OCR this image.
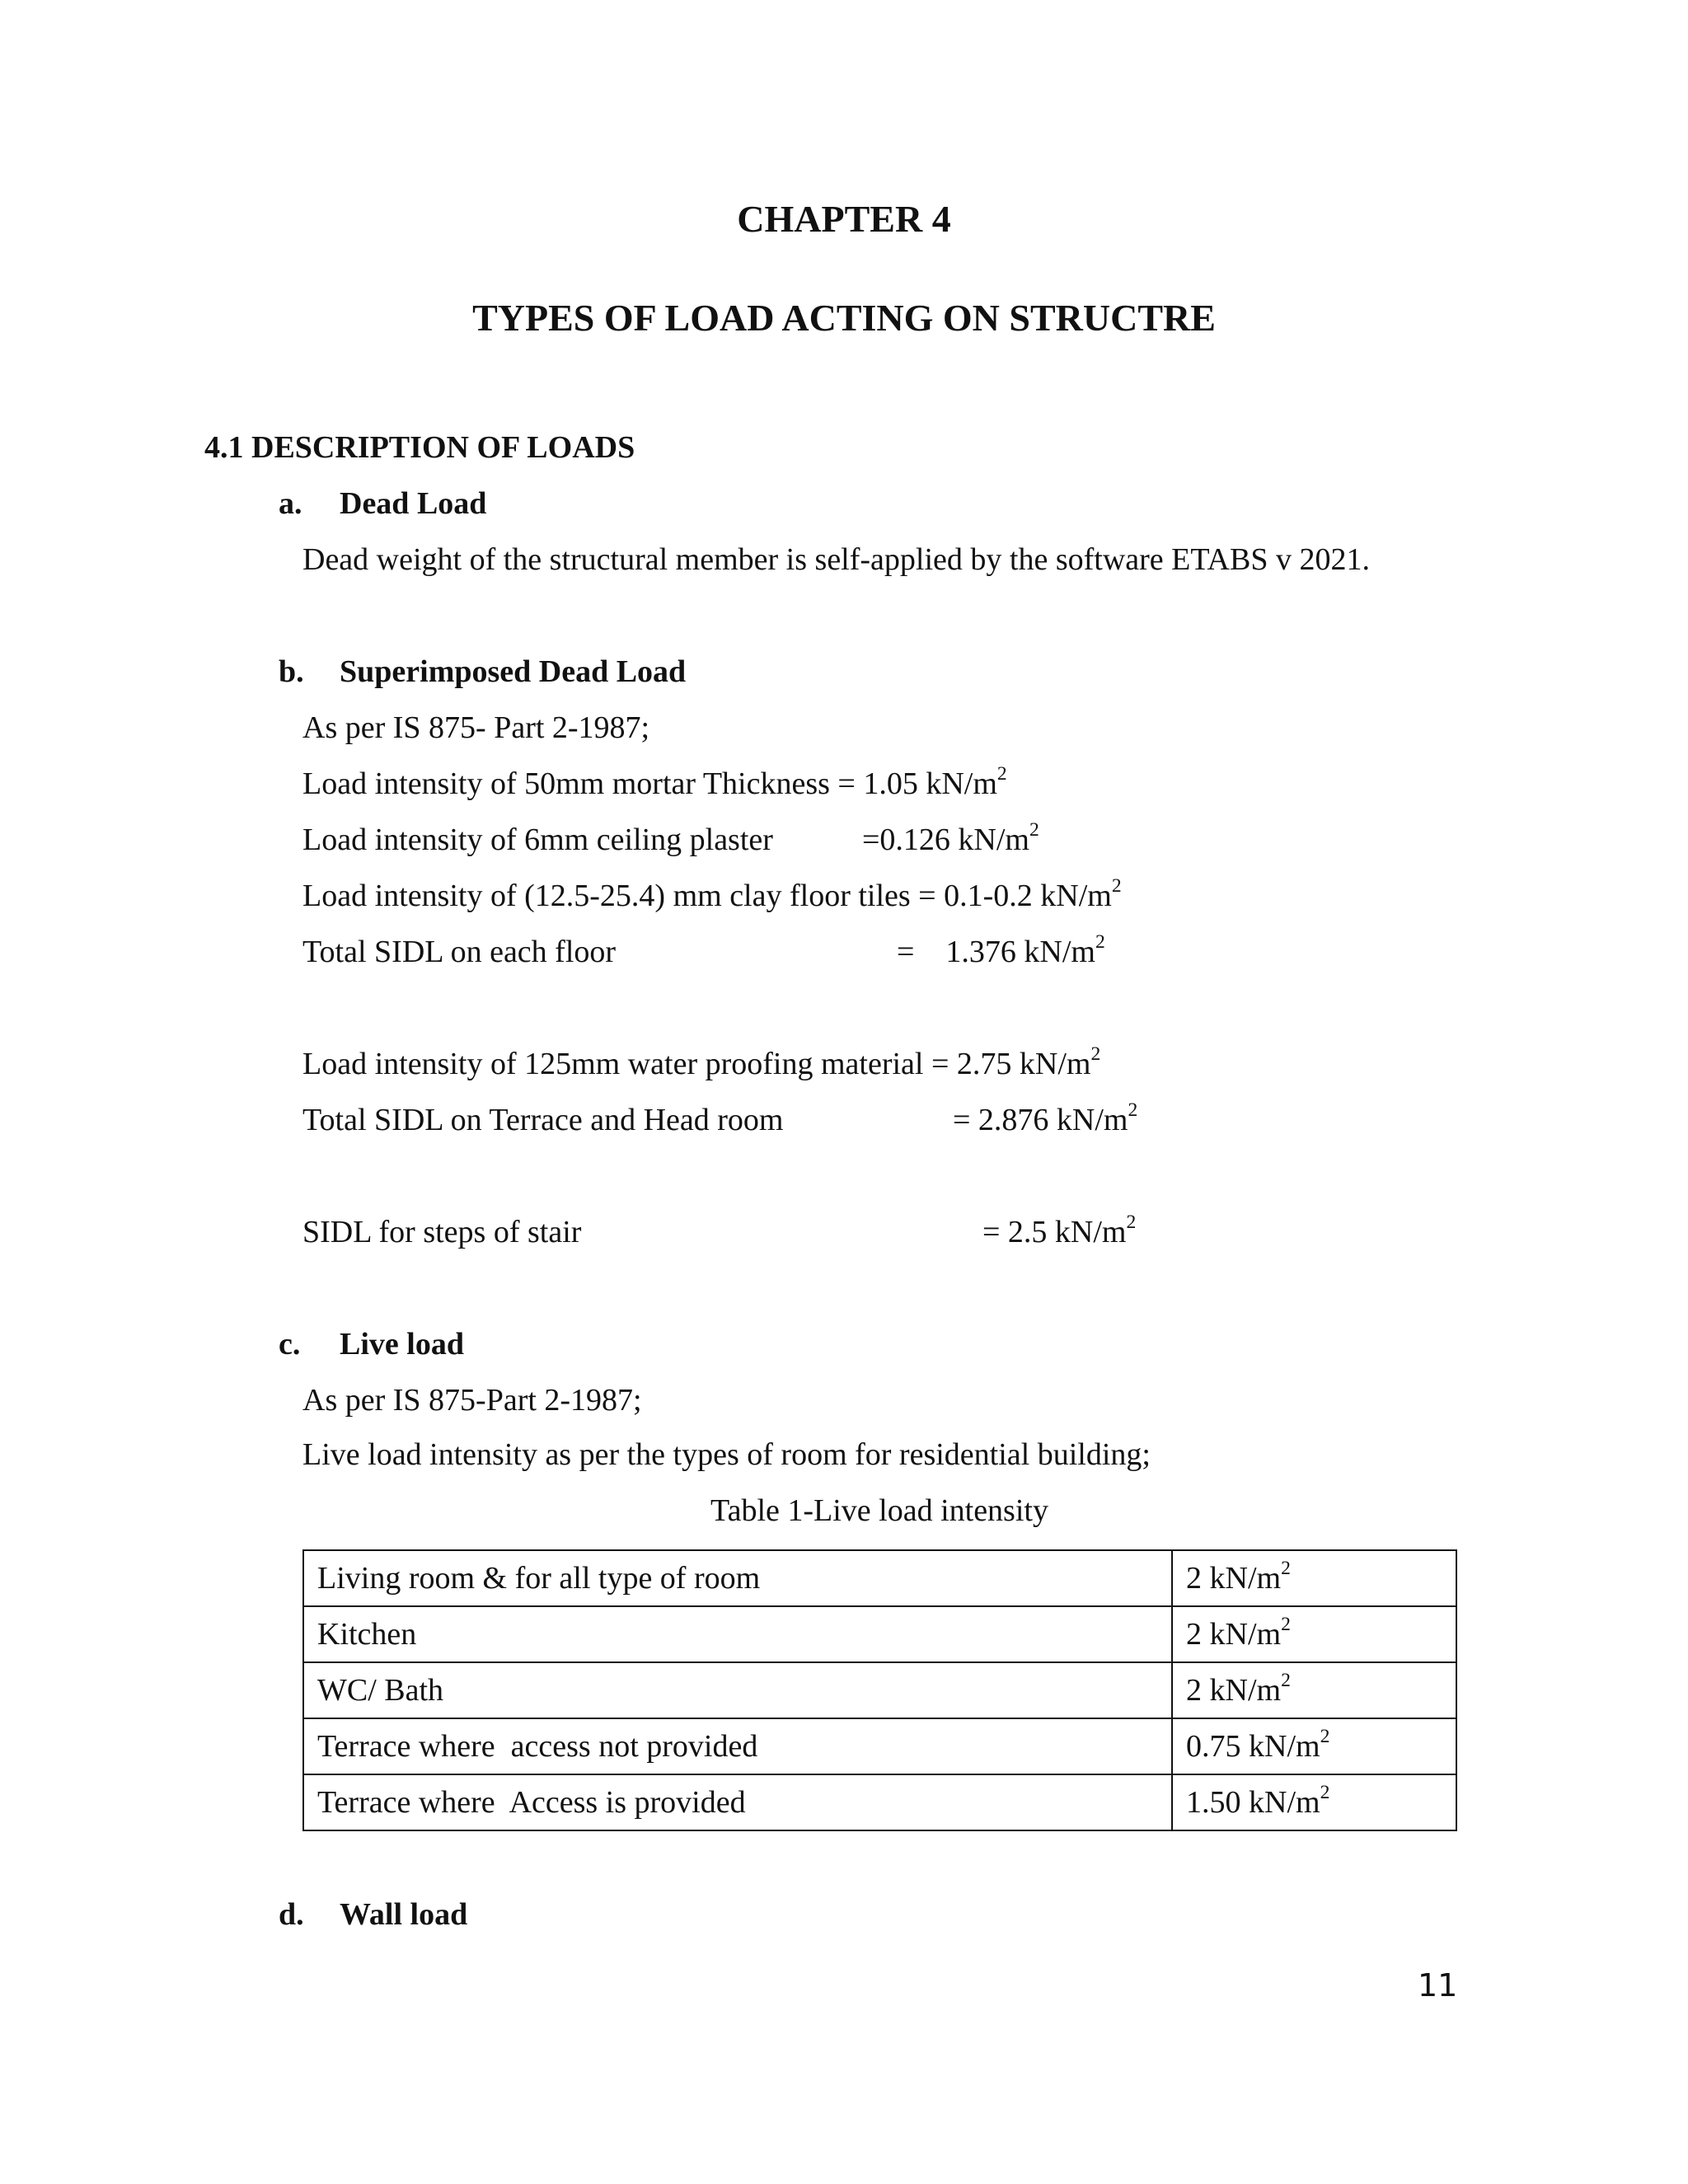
CHAPTER 4
TYPES OF LOAD ACTING ON STRUCTRE
4.1 DESCRIPTION OF LOADS
a. Dead Load
Dead weight of the structural member is self-applied by the software ETABS v 2021.
b. Superimposed Dead Load
As per IS 875- Part 2-1987;
Load intensity of 50mm mortar Thickness = 1.05 $kN/m^2$
Load intensity of 6mm ceiling plaster	=0.126 $kN/m^2$
Load intensity of (12.5-25.4) mm clay floor tiles = 0.1-0.2 $kN/m^2$
Total SIDL on each floor	=    1.376 $kN/m^2$
Load intensity of 125mm water proofing material = 2.75 $kN/m^2$
Total SIDL on Terrace and Head room	= 2.876 $kN/m^2$
SIDL for steps of stair	= 2.5 $kN/m^2$
c. Live load
As per IS 875-Part 2-1987;
Live load intensity as per the types of room for residential building;
Table 1-Live load intensity
Living room & for all type of room	2 $kN/m^2$
Kitchen	2 $kN/m^2$
WC/ Bath	2 $kN/m^2$
Terrace where  access not provided	0.75 $kN/m^2$
Terrace where  Access is provided	1.50 $kN/m^2$
d. Wall load
11
